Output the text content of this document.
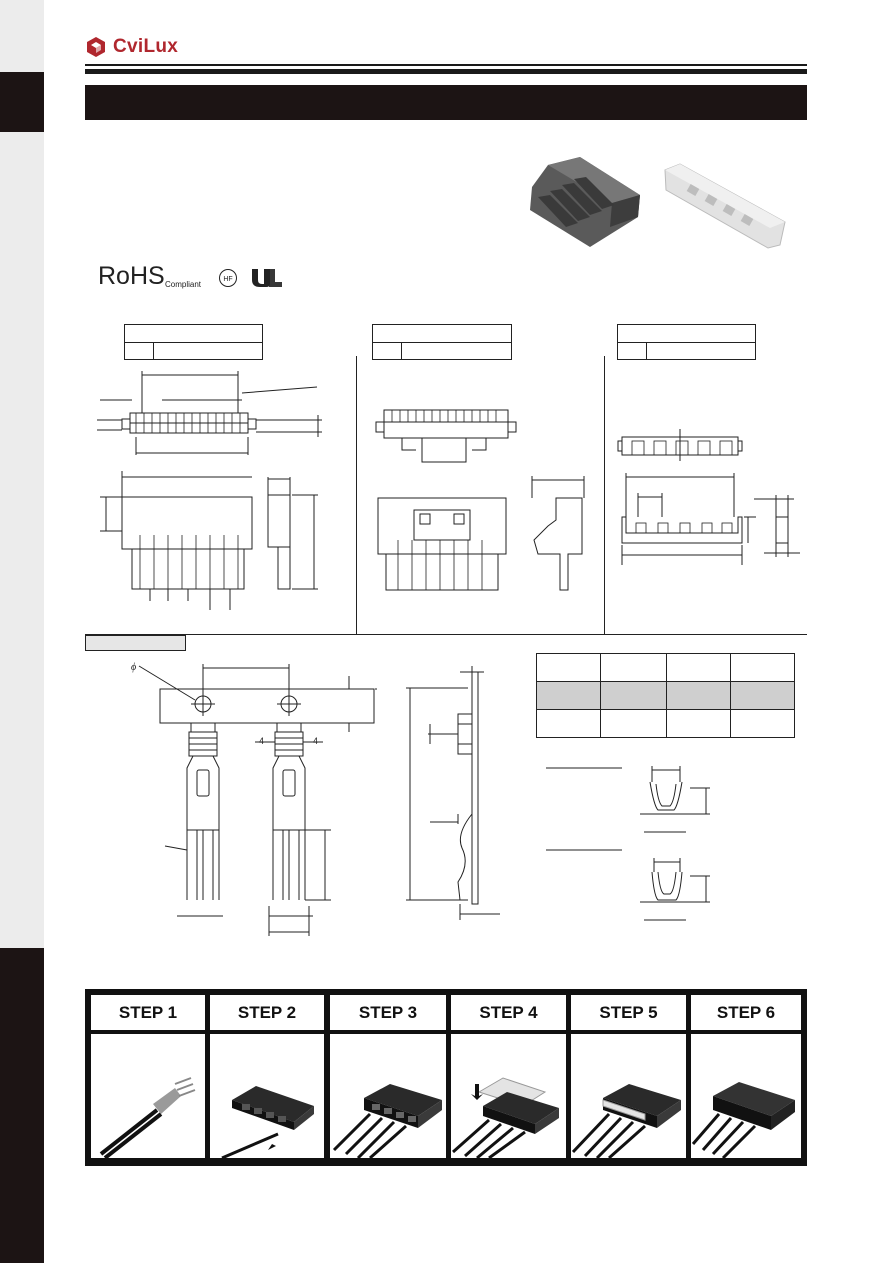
CviLux
RoHS Compliant
HF
ϕ
4	4

STEP 1	STEP 2	STEP 3	STEP 4	STEP 5	STEP 6
